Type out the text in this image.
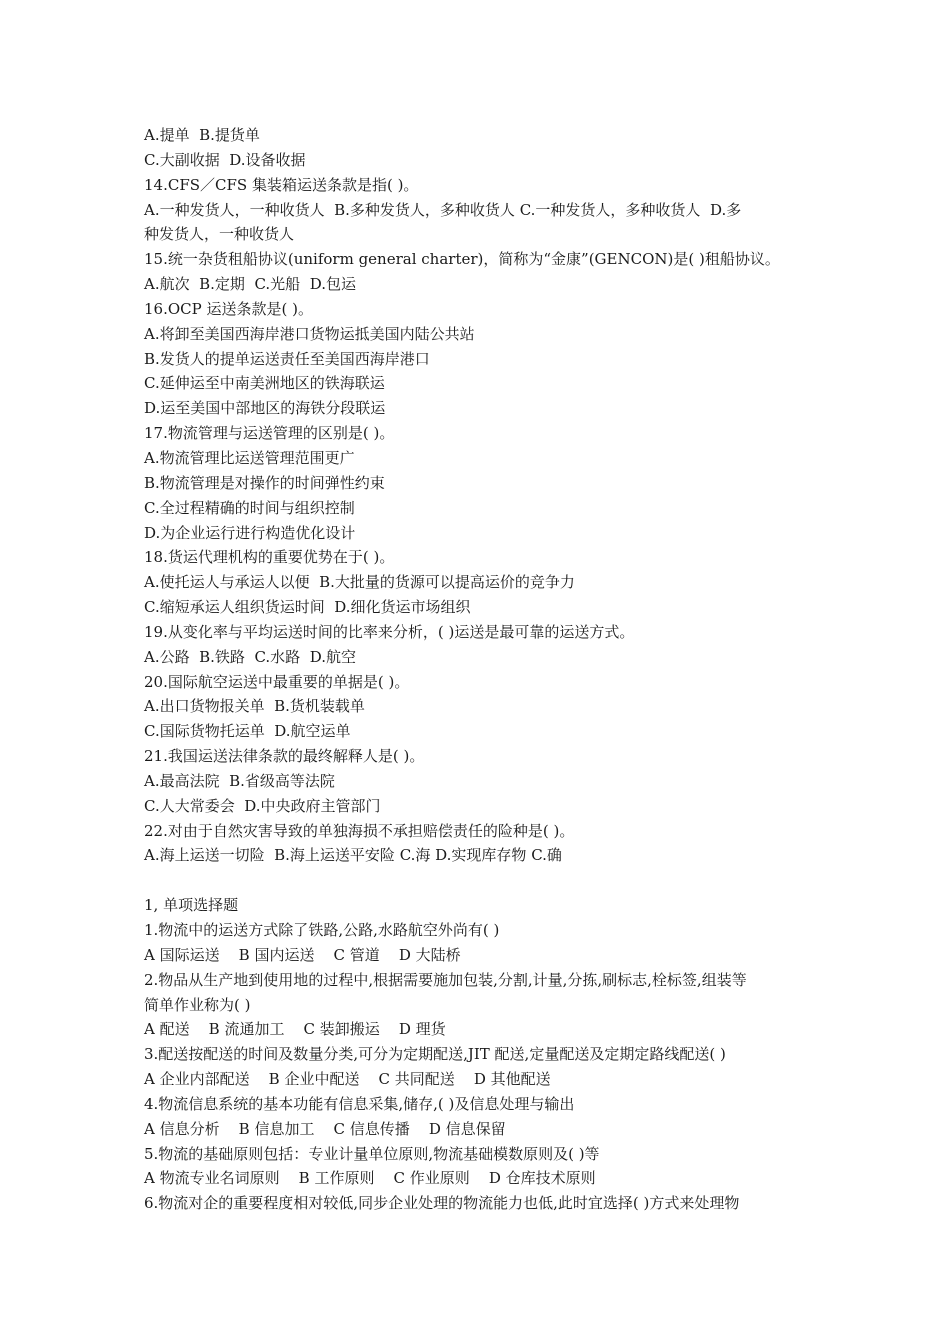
A.提单  B.提货单
C.大副收据  D.设备收据
14.CFS／CFS 集装箱运送条款是指( )。
A.一种发货人，一种收货人  B.多种发货人，多种收货人 C.一种发货人，多种收货人  D.多
种发货人，一种收货人
15.统一杂货租船协议(uniform general charter)，简称为“金康”(GENCON)是( )租船协议。
A.航次  B.定期  C.光船  D.包运
16.OCP 运送条款是( )。
A.将卸至美国西海岸港口货物运抵美国内陆公共站
B.发货人的提单运送责任至美国西海岸港口
C.延伸运至中南美洲地区的铁海联运
D.运至美国中部地区的海铁分段联运
17.物流管理与运送管理的区别是( )。
A.物流管理比运送管理范围更广
B.物流管理是对操作的时间弹性约束
C.全过程精确的时间与组织控制
D.为企业运行进行构造优化设计
18.货运代理机构的重要优势在于( )。
A.使托运人与承运人以便  B.大批量的货源可以提高运价的竞争力
C.缩短承运人组织货运时间  D.细化货运市场组织
19.从变化率与平均运送时间的比率来分析，( )运送是最可靠的运送方式。
A.公路  B.铁路  C.水路  D.航空
20.国际航空运送中最重要的单据是( )。
A.出口货物报关单  B.货机装载单
C.国际货物托运单  D.航空运单
21.我国运送法律条款的最终解释人是( )。
A.最高法院  B.省级高等法院
C.人大常委会  D.中央政府主管部门
22.对由于自然灾害导致的单独海损不承担赔偿责任的险种是( )。
A.海上运送一切险  B.海上运送平安险 C.海 D.实现库存物 C.确
1, 单项选择题
1.物流中的运送方式除了铁路,公路,水路航空外尚有( )
A 国际运送    B 国内运送    C 管道    D 大陆桥
2.物品从生产地到使用地的过程中,根据需要施加包装,分割,计量,分拣,刷标志,栓标签,组装等
简单作业称为( )
A 配送    B 流通加工    C 装卸搬运    D 理货
3.配送按配送的时间及数量分类,可分为定期配送,JIT 配送,定量配送及定期定路线配送( )
A 企业内部配送    B 企业中配送    C 共同配送    D 其他配送
4.物流信息系统的基本功能有信息采集,储存,( )及信息处理与输出
A 信息分析    B 信息加工    C 信息传播    D 信息保留
5.物流的基础原则包括：专业计量单位原则,物流基础模数原则及( )等
A 物流专业名词原则    B 工作原则    C 作业原则    D 仓库技术原则
6.物流对企的重要程度相对较低,同步企业处理的物流能力也低,此时宜选择( )方式来处理物
